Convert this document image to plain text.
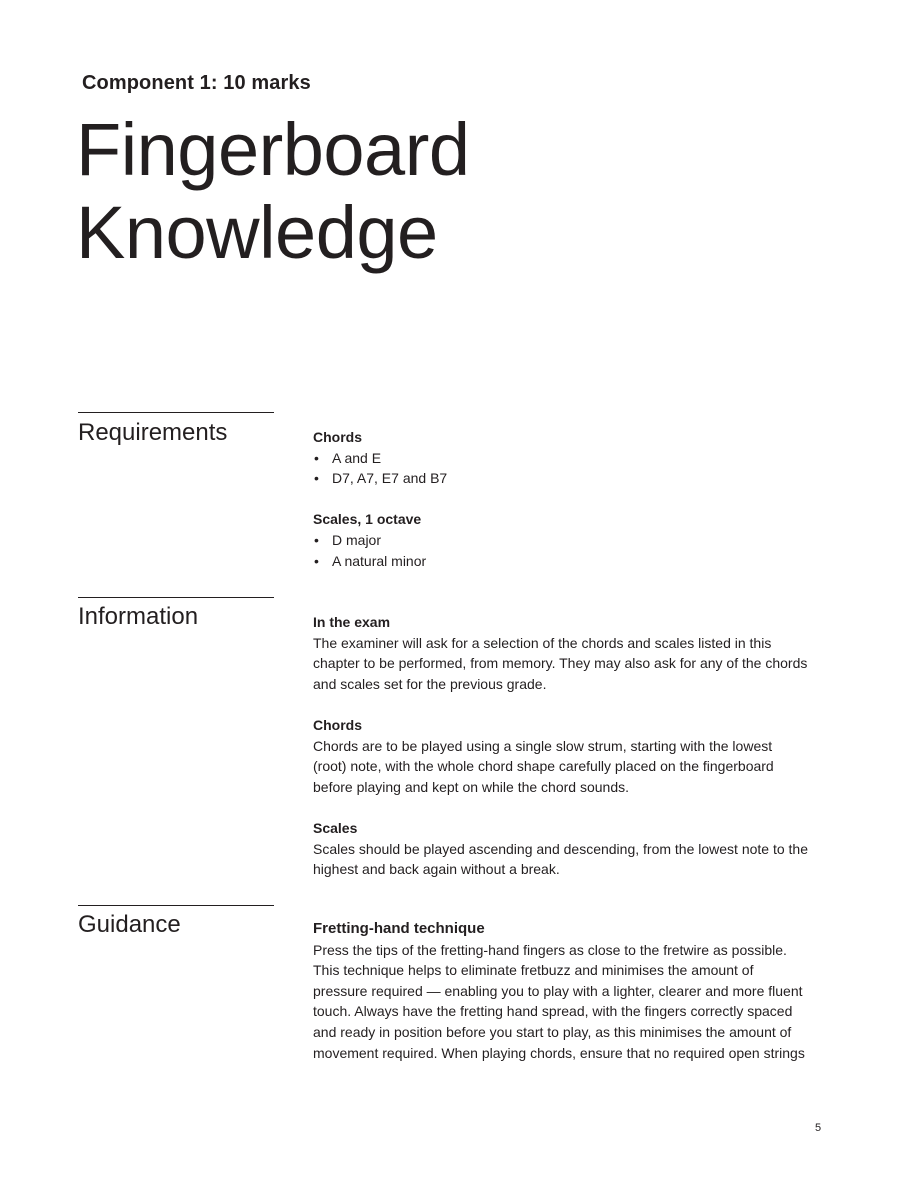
Component 1: 10 marks
Fingerboard
Knowledge
Requirements	Chords
• A and E
• D7, A7, E7 and B7
Scales, 1 octave
• D major
• A natural minor
Information	In the exam

The examiner will ask for a selection of the chords and scales listed in this
chapter to be performed, from memory. They may also ask for any of the chords
and scales set for the previous grade.

Chords

Chords are to be played using a single slow strum, starting with the lowest
(root) note, with the whole chord shape carefully placed on the fingerboard
before playing and kept on while the chord sounds.

Scales

Scales should be played ascending and descending, from the lowest note to the
highest and back again without a break.

Guidance	Fretting-hand technique

Press the tips of the fretting-hand fingers as close to the fretwire as possible.
This technique helps to eliminate fretbuzz and minimises the amount of
pressure required — enabling you to play with a lighter, clearer and more fluent
touch. Always have the fretting hand spread, with the fingers correctly spaced
and ready in position before you start to play, as this minimises the amount of
movement required. When playing chords, ensure that no required open strings

5
